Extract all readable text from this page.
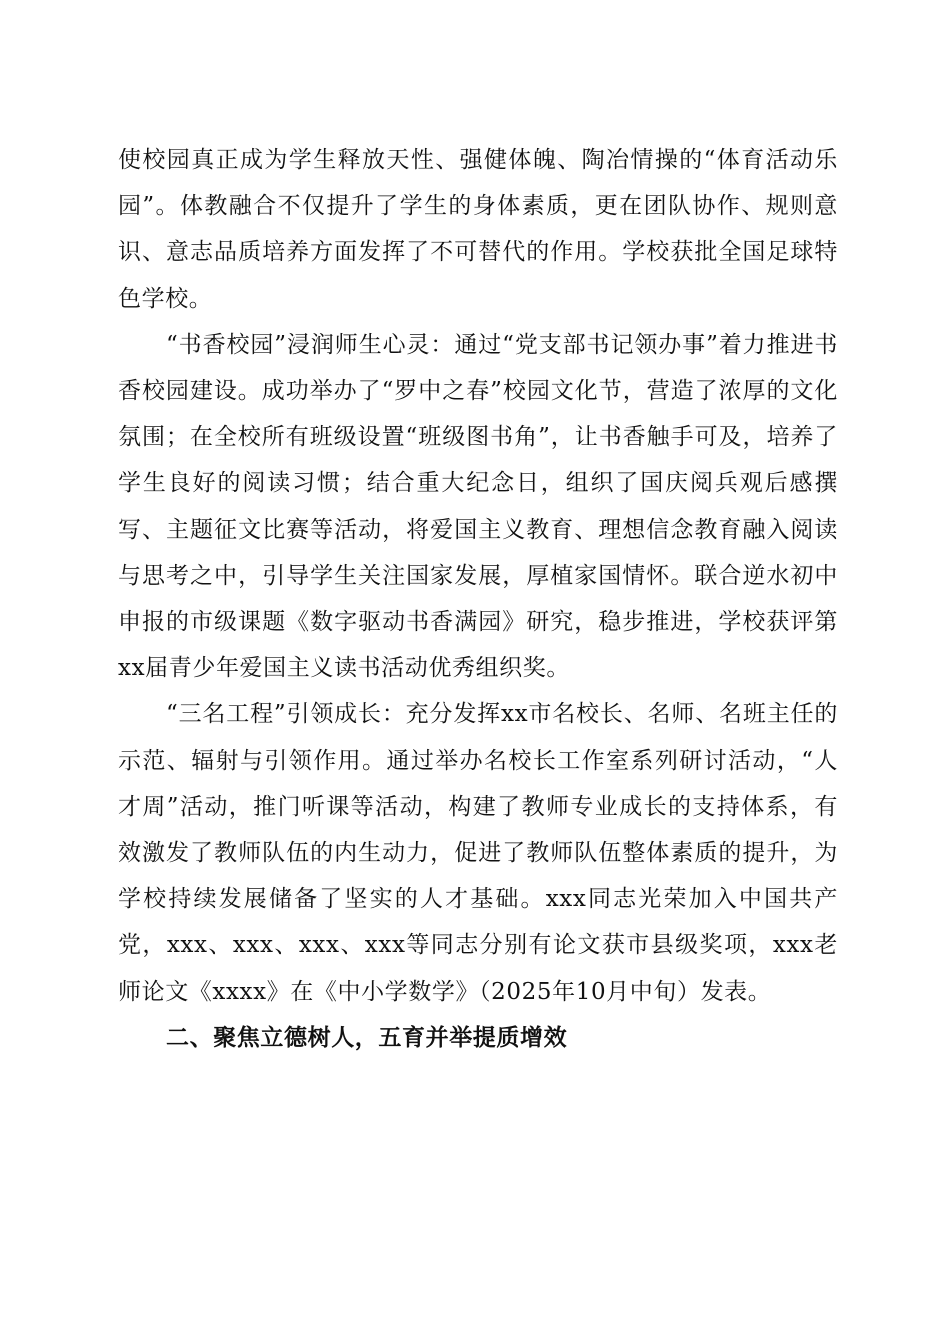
使校园真正成为学生释放天性、强健体魄、陶冶情操的“体育活动乐园”。体教融合不仅提升了学生的身体素质，更在团队协作、规则意识、意志品质培养方面发挥了不可替代的作用。学校获批全国足球特色学校。

“书香校园”浸润师生心灵：通过“党支部书记领办事”着力推进书香校园建设。成功举办了“罗中之春”校园文化节，营造了浓厚的文化氛围；在全校所有班级设置“班级图书角”，让书香触手可及，培养了学生良好的阅读习惯；结合重大纪念日，组织了国庆阅兵观后感撰写、主题征文比赛等活动，将爱国主义教育、理想信念教育融入阅读与思考之中，引导学生关注国家发展，厚植家国情怀。联合逆水初中申报的市级课题《数字驱动书香满园》研究，稳步推进，学校获评第xx届青少年爱国主义读书活动优秀组织奖。

“三名工程”引领成长：充分发挥xx市名校长、名师、名班主任的示范、辐射与引领作用。通过举办名校长工作室系列研讨活动，“人才周”活动，推门听课等活动，构建了教师专业成长的支持体系，有效激发了教师队伍的内生动力，促进了教师队伍整体素质的提升，为学校持续发展储备了坚实的人才基础。xxx同志光荣加入中国共产党，xxx、xxx、xxx、xxx等同志分别有论文获市县级奖项，xxx老师论文《xxxx》在《中小学数学》（2025年10月中旬）发表。

二、聚焦立德树人，五育并举提质增效
